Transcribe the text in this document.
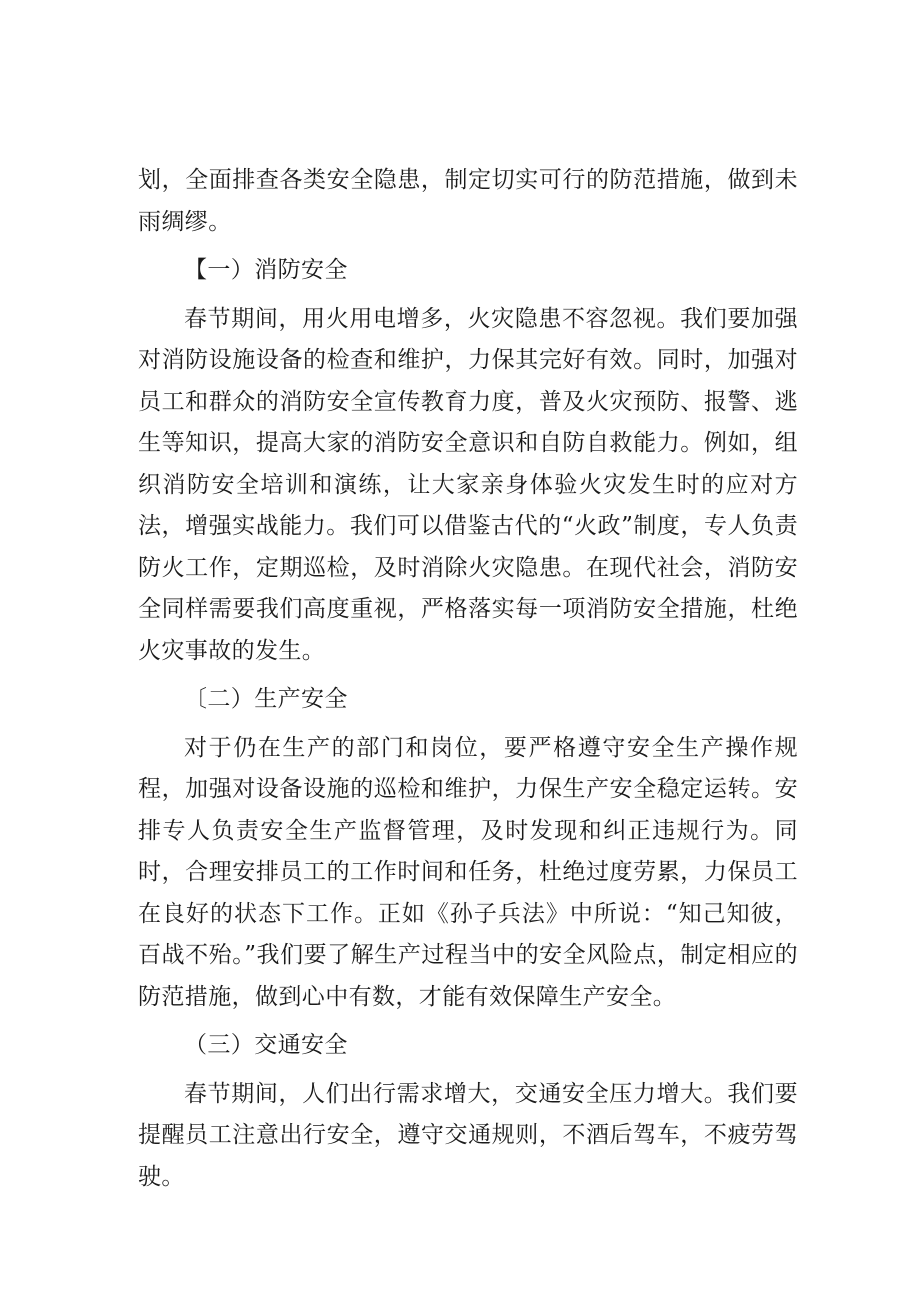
划，全面排查各类安全隐患，制定切实可行的防范措施，做到未雨绸缪。

【一）消防安全

春节期间，用火用电增多，火灾隐患不容忽视。我们要加强对消防设施设备的检查和维护，力保其完好有效。同时，加强对员工和群众的消防安全宣传教育力度，普及火灾预防、报警、逃生等知识，提高大家的消防安全意识和自防自救能力。例如，组织消防安全培训和演练，让大家亲身体验火灾发生时的应对方法，增强实战能力。我们可以借鉴古代的“火政”制度，专人负责防火工作，定期巡检，及时消除火灾隐患。在现代社会，消防安全同样需要我们高度重视，严格落实每一项消防安全措施，杜绝火灾事故的发生。

〔二）生产安全

对于仍在生产的部门和岗位，要严格遵守安全生产操作规程，加强对设备设施的巡检和维护，力保生产安全稳定运转。安排专人负责安全生产监督管理，及时发现和纠正违规行为。同时，合理安排员工的工作时间和任务，杜绝过度劳累，力保员工在良好的状态下工作。正如《孙子兵法》中所说：“知己知彼，百战不殆。”我们要了解生产过程当中的安全风险点，制定相应的防范措施，做到心中有数，才能有效保障生产安全。

（三）交通安全

春节期间，人们出行需求增大，交通安全压力增大。我们要提醒员工注意出行安全，遵守交通规则，不酒后驾车，不疲劳驾驶。
